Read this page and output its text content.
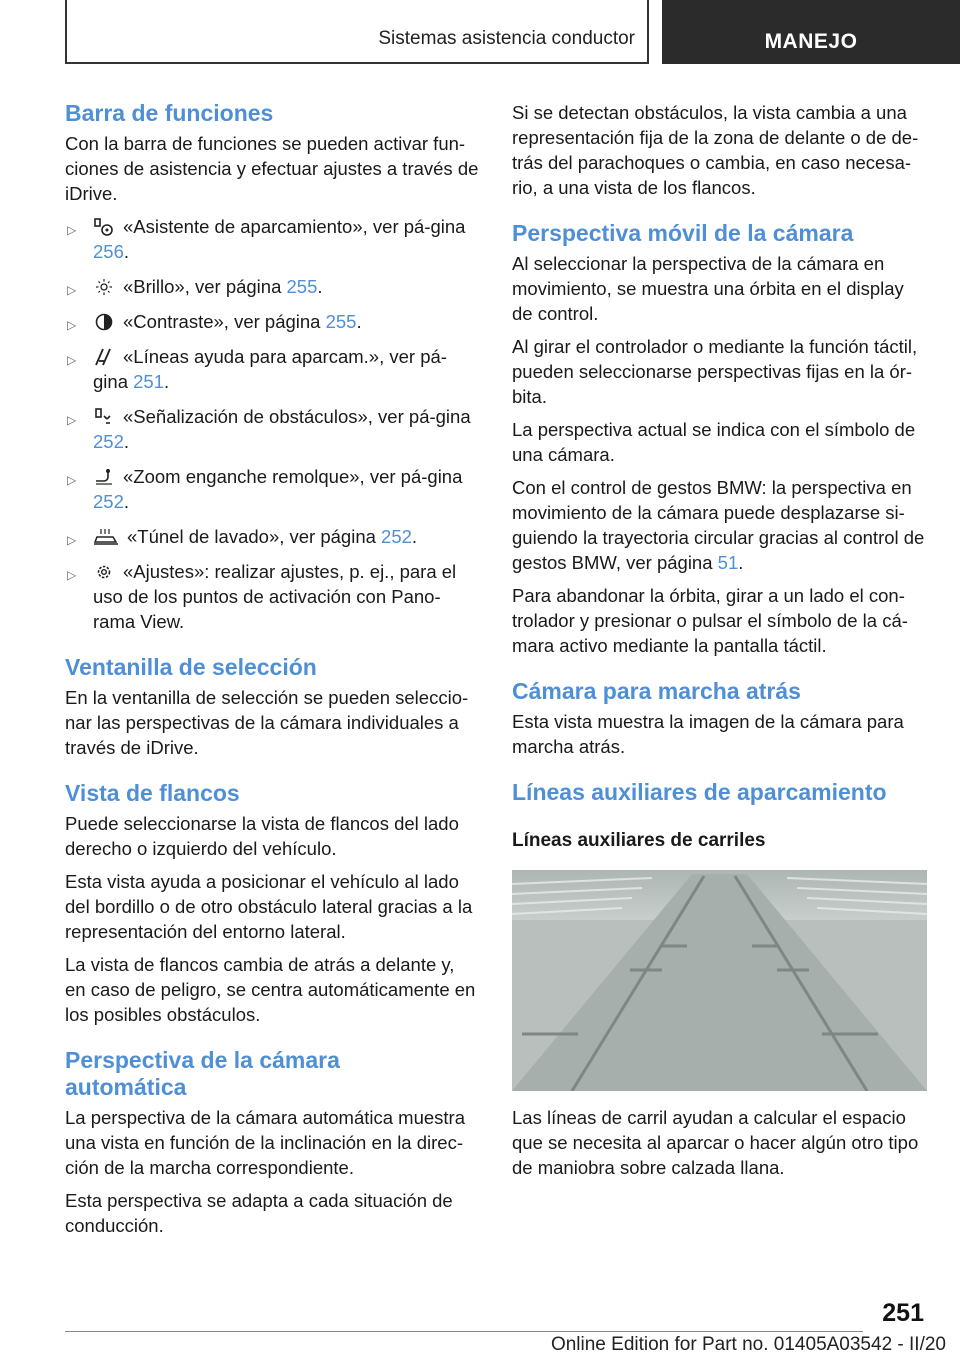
Sistemas asistencia conductor	MANEJO
Barra de funciones

Con la barra de funciones se pueden activar fun-ciones de asistencia y efectuar ajustes a través de iDrive.

▷	«Asistente de aparcamiento», ver pá-gina 256.
▷	«Brillo», ver página 255.
▷	«Contraste», ver página 255.
▷	«Líneas ayuda para aparcam.», ver pá-gina 251.
▷	«Señalización de obstáculos», ver pá-gina 252.
▷	«Zoom enganche remolque», ver pá-gina 252.
▷	«Túnel de lavado», ver página 252.
▷	«Ajustes»: realizar ajustes, p. ej., para el uso de los puntos de activación con Pano-rama View.
Ventanilla de selección

En la ventanilla de selección se pueden seleccio-nar las perspectivas de la cámara individuales a través de iDrive.

Vista de flancos

Puede seleccionarse la vista de flancos del lado derecho o izquierdo del vehículo.

Esta vista ayuda a posicionar el vehículo al lado del bordillo o de otro obstáculo lateral gracias a la representación del entorno lateral.

La vista de flancos cambia de atrás a delante y, en caso de peligro, se centra automáticamente en los posibles obstáculos.

Perspectiva de la cámara automática

La perspectiva de la cámara automática muestra una vista en función de la inclinación en la direc-ción de la marcha correspondiente.

Esta perspectiva se adapta a cada situación de conducción.

Si se detectan obstáculos, la vista cambia a una representación fija de la zona de delante o de de-trás del parachoques o cambia, en caso necesa-rio, a una vista de los flancos.

Perspectiva móvil de la cámara

Al seleccionar la perspectiva de la cámara en movimiento, se muestra una órbita en el display de control.

Al girar el controlador o mediante la función táctil, pueden seleccionarse perspectivas fijas en la ór-bita.

La perspectiva actual se indica con el símbolo de una cámara.

Con el control de gestos BMW: la perspectiva en movimiento de la cámara puede desplazarse si-guiendo la trayectoria circular gracias al control de gestos BMW, ver página 51.

Para abandonar la órbita, girar a un lado el con-trolador y presionar o pulsar el símbolo de la cá-mara activo mediante la pantalla táctil.

Cámara para marcha atrás

Esta vista muestra la imagen de la cámara para marcha atrás.

Líneas auxiliares de aparcamiento
Líneas auxiliares de carriles

Las líneas de carril ayudan a calcular el espacio que se necesita al aparcar o hacer algún otro tipo de maniobra sobre calzada llana.

251
Online Edition for Part no. 01405A03542 - II/20
